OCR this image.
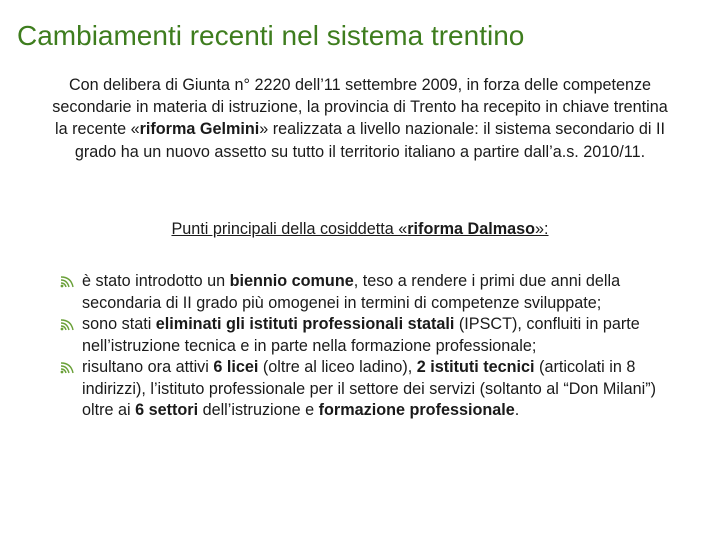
Cambiamenti recenti nel sistema trentino
Con delibera di Giunta n° 2220 dell’11 settembre 2009, in forza delle competenze secondarie in materia di istruzione, la provincia di Trento ha recepito in chiave trentina la recente «riforma Gelmini» realizzata a livello nazionale: il sistema secondario di II grado ha un nuovo assetto su tutto il territorio italiano a partire dall’a.s. 2010/11.
Punti principali della cosiddetta «riforma Dalmaso»:
è stato introdotto un biennio comune, teso a rendere i primi due anni della secondaria di II grado più omogenei in termini di competenze sviluppate;
sono stati eliminati gli istituti professionali statali (IPSCT), confluiti in parte nell’istruzione tecnica e in parte nella formazione professionale;
risultano ora attivi 6 licei (oltre al liceo ladino), 2 istituti tecnici (articolati in 8 indirizzi), l’istituto professionale per il settore dei servizi (soltanto al “Don Milani”) oltre ai 6 settori dell’istruzione e formazione professionale.
